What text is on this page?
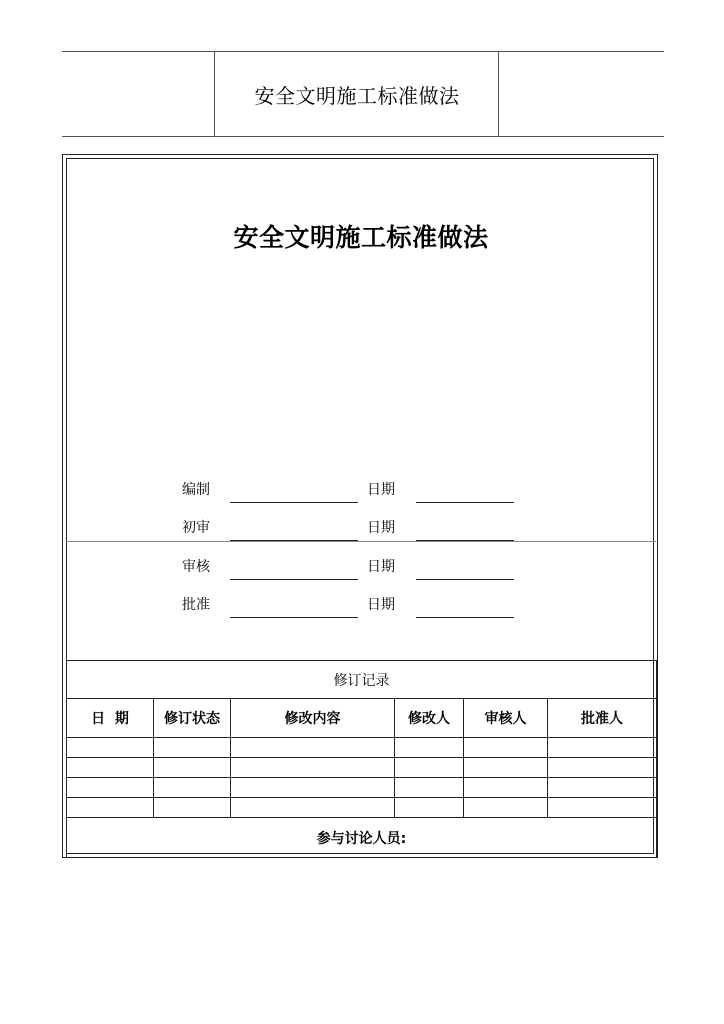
安全文明施工标准做法
安全文明施工标准做法
编制	日期
初审	日期
审核	日期
批准	日期
修订记录					
日  期	修订状态	修改内容	修改人	审核人	批准人

参与讨论人员:					
